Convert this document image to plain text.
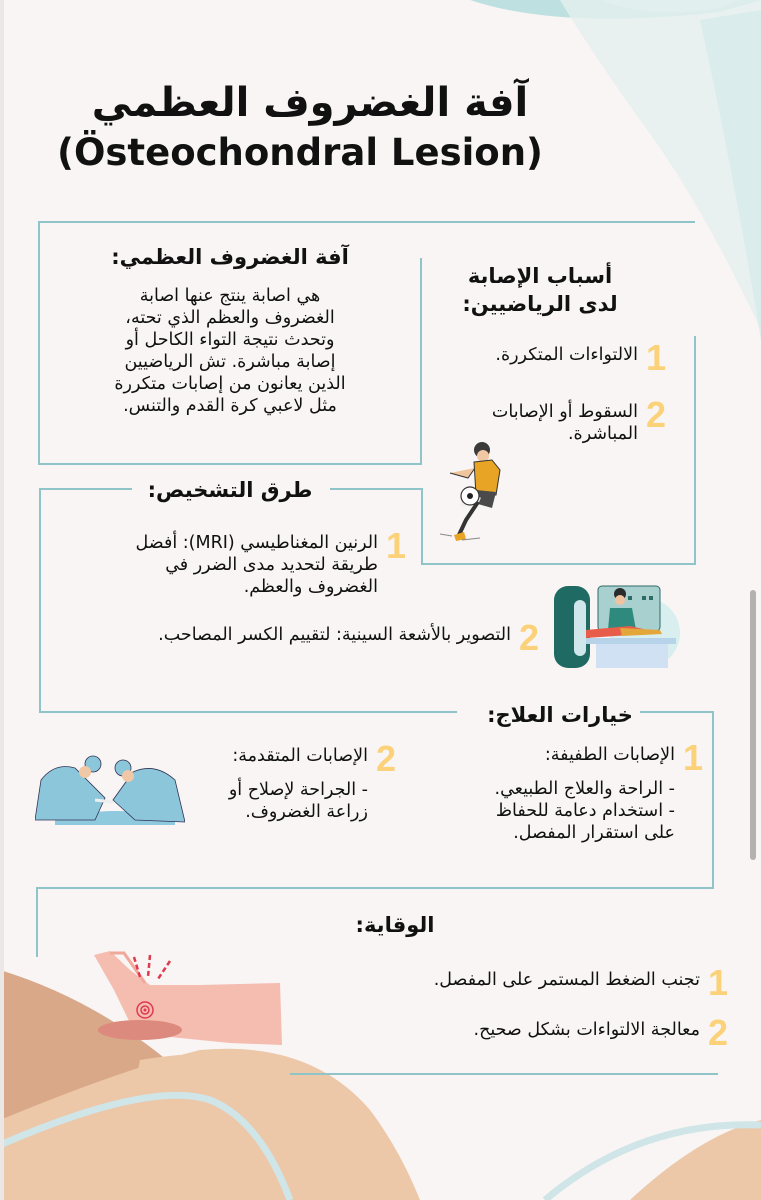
آفة الغضروف العظمي
(Östeochondral Lesion)
آفة الغضروف العظمي:
هي اصابة ينتج عنها اصابة
الغضروف والعظم الذي تحته،
وتحدث نتيجة التواء الكاحل أو
إصابة مباشرة. تش الرياضيين
الذين يعانون من إصابات متكررة
مثل لاعبي كرة القدم والتنس.
أسباب الإصابة
لدى الرياضيين:
1
الالتواءات المتكررة.
2
السقوط أو الإصابات
المباشرة.
طرق التشخيص:
1
الرنين المغناطيسي (MRI): أفضل
طريقة لتحديد مدى الضرر في
الغضروف والعظم.
2
التصوير بالأشعة السينية: لتقييم الكسر المصاحب.
خيارات العلاج:
1
الإصابات الطفيفة:
- الراحة والعلاج الطبيعي.
- استخدام دعامة للحفاظ
على استقرار المفصل.
2
الإصابات المتقدمة:
- الجراحة لإصلاح أو
زراعة الغضروف.
الوقاية:
1
تجنب الضغط المستمر على المفصل.
2
معالجة الالتواءات بشكل صحيح.
